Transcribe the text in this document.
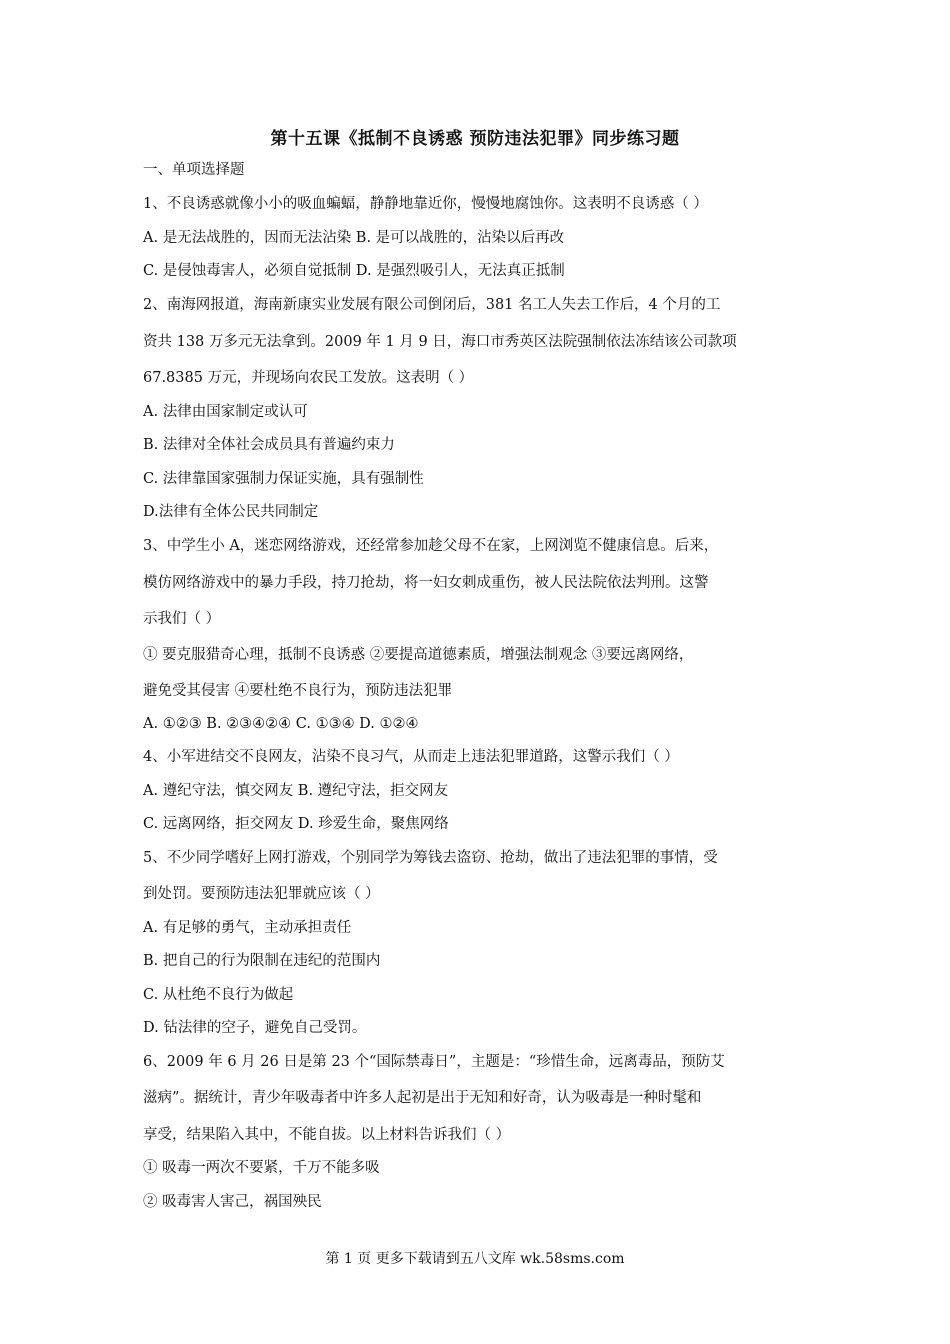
第十五课《抵制不良诱惑 预防违法犯罪》同步练习题
一、单项选择题
1、不良诱惑就像小小的吸血蝙蝠，静静地靠近你，慢慢地腐蚀你。这表明不良诱惑（ ）
A. 是无法战胜的，因而无法沾染 B. 是可以战胜的，沾染以后再改
C. 是侵蚀毒害人，必须自觉抵制 D. 是强烈吸引人，无法真正抵制
2、南海网报道，海南新康实业发展有限公司倒闭后，381 名工人失去工作后，4 个月的工
资共 138 万多元无法拿到。2009 年 1 月 9 日，海口市秀英区法院强制依法冻结该公司款项
67.8385 万元，并现场向农民工发放。这表明（ ）
A. 法律由国家制定或认可
B. 法律对全体社会成员具有普遍约束力
C. 法律靠国家强制力保证实施，具有强制性
D.法律有全体公民共同制定
3、中学生小 A，迷恋网络游戏，还经常参加趁父母不在家，上网浏览不健康信息。后来，
模仿网络游戏中的暴力手段，持刀抢劫，将一妇女刺成重伤，被人民法院依法判刑。这警
示我们（ ）
① 要克服猎奇心理，抵制不良诱惑 ②要提高道德素质，增强法制观念 ③要远离网络，
避免受其侵害 ④要杜绝不良行为，预防违法犯罪
A. ①②③ B. ②③④②④ C. ①③④ D. ①②④
4、小军进结交不良网友，沾染不良习气，从而走上违法犯罪道路，这警示我们（ ）
A. 遵纪守法，慎交网友 B. 遵纪守法，拒交网友
C. 远离网络，拒交网友 D. 珍爱生命，聚焦网络
5、不少同学嗜好上网打游戏，个别同学为筹钱去盗窃、抢劫，做出了违法犯罪的事情，受
到处罚。要预防违法犯罪就应该（ ）
A. 有足够的勇气，主动承担责任
B. 把自己的行为限制在违纪的范围内
C. 从杜绝不良行为做起
D. 钻法律的空子，避免自己受罚。
6、2009 年 6 月 26 日是第 23 个“国际禁毒日”，主题是：“珍惜生命，远离毒品，预防艾
滋病”。据统计，青少年吸毒者中许多人起初是出于无知和好奇，认为吸毒是一种时髦和
享受，结果陷入其中，不能自拔。以上材料告诉我们（ ）
① 吸毒一两次不要紧，千万不能多吸
② 吸毒害人害己，祸国殃民
第 1 页 更多下载请到五八文库 wk.58sms.com
